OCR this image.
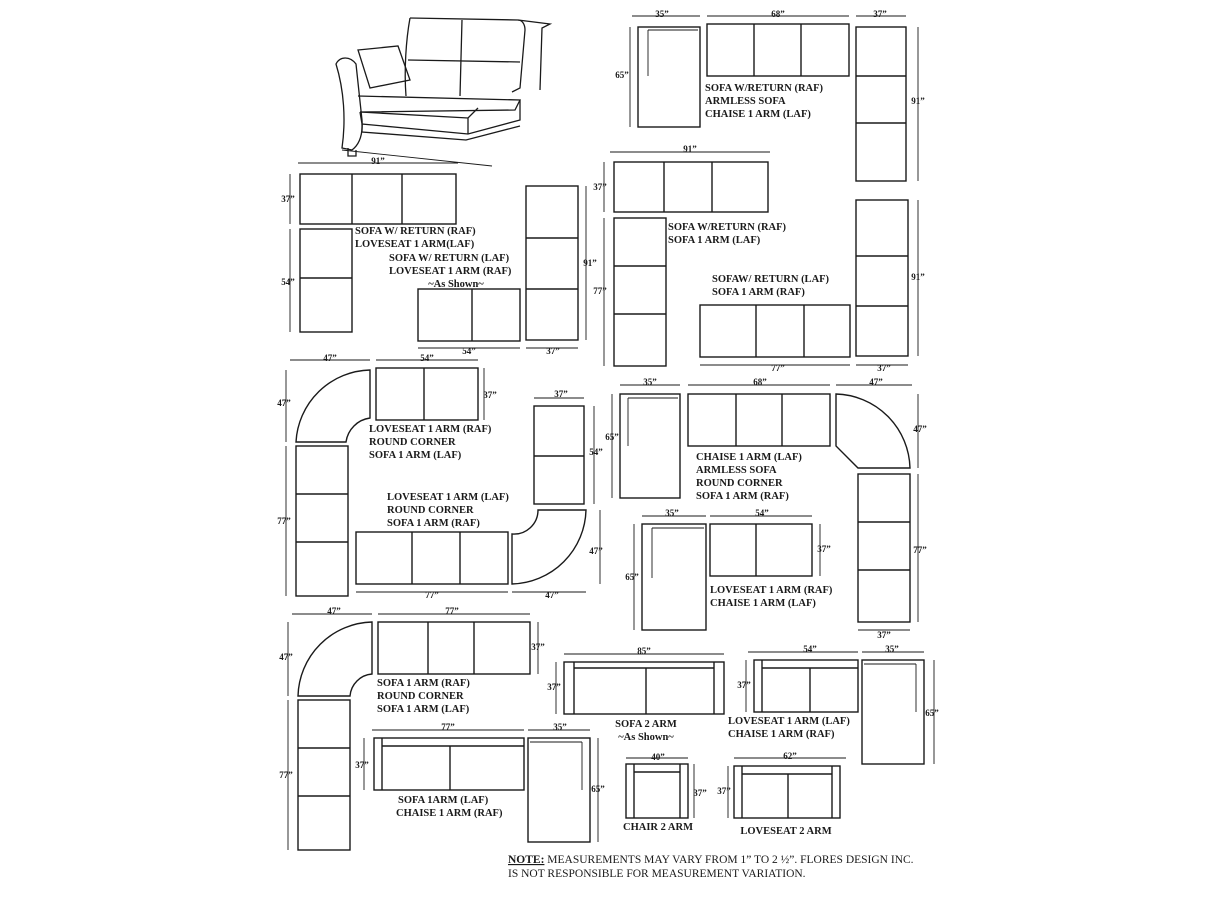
35”	68”	37”
65”
91”
SOFA W/RETURN (RAF)
ARMLESS SOFA
CHAISE 1 ARM (LAF)
91”
37”
54”
SOFA W/ RETURN (RAF)
LOVESEAT 1 ARM(LAF)
91”
54”	37”
SOFA W/ RETURN (LAF)
LOVESEAT 1 ARM (RAF)
~As Shown~
91”
37”
77”
SOFA W/RETURN (RAF)
SOFA 1 ARM (LAF)
91”
77”	37”
SOFAW/ RETURN (LAF)
SOFA 1 ARM (RAF)
47”	54”
47”
37”
77”
LOVESEAT 1 ARM (RAF)
ROUND CORNER
SOFA 1 ARM (LAF)
37”
54”
47”
77”	47”
LOVESEAT 1 ARM (LAF)
ROUND CORNER
SOFA 1 ARM (RAF)
35”	68”	47”
65”
47”
77”
37”
CHAISE 1 ARM (LAF)
ARMLESS SOFA
ROUND CORNER
SOFA 1 ARM (RAF)
35”	54”
37”
65”
LOVESEAT 1 ARM (RAF)
CHAISE 1 ARM (LAF)
47”	77”
47”
37”
77”
SOFA 1 ARM (RAF)
ROUND CORNER
SOFA 1 ARM (LAF)
85”
37”
SOFA 2 ARM
~As Shown~
54”	35”
37”
65”
LOVESEAT 1 ARM (LAF)
CHAISE 1 ARM (RAF)
77”	35”
37”
65”
SOFA 1ARM (LAF)
CHAISE 1 ARM (RAF)
40”
37”
CHAIR 2 ARM
62”
37”
LOVESEAT 2 ARM
NOTE: MEASUREMENTS MAY VARY FROM 1” TO 2 ½”. FLORES DESIGN INC.
IS NOT RESPONSIBLE FOR MEASUREMENT VARIATION.
